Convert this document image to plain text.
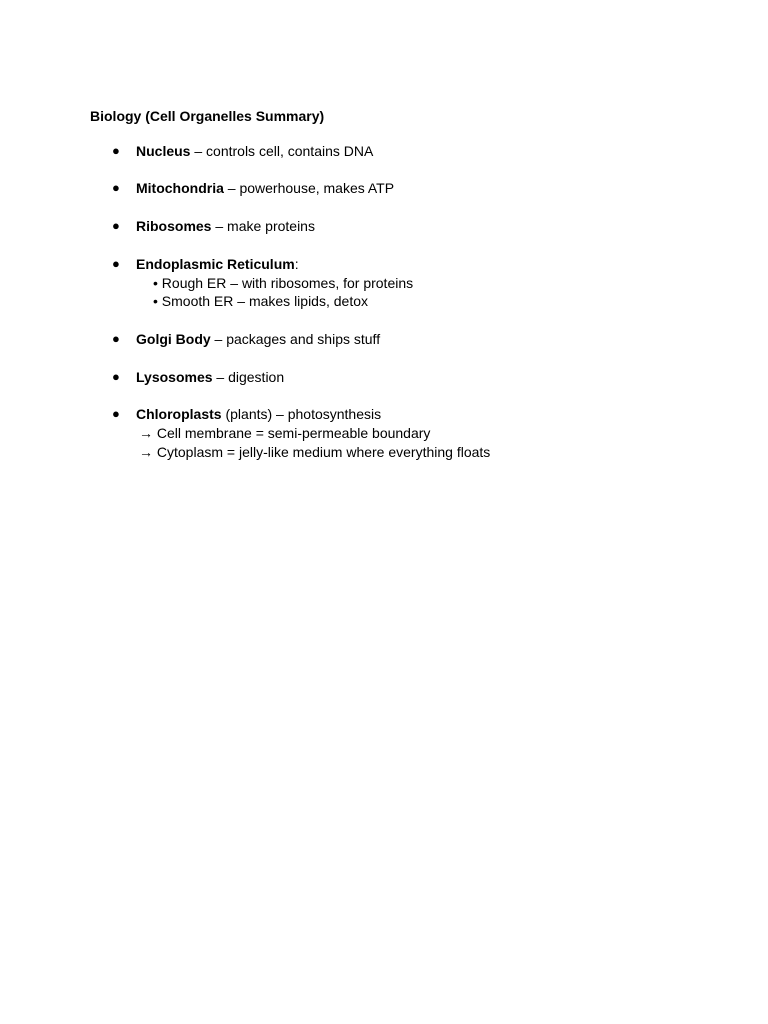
Biology (Cell Organelles Summary)
● Nucleus – controls cell, contains DNA
● Mitochondria – powerhouse, makes ATP
● Ribosomes – make proteins
● Endoplasmic Reticulum:
• Rough ER – with ribosomes, for proteins
• Smooth ER – makes lipids, detox
● Golgi Body – packages and ships stuff
● Lysosomes – digestion
● Chloroplasts (plants) – photosynthesis
→ Cell membrane = semi-permeable boundary
→ Cytoplasm = jelly-like medium where everything floats
